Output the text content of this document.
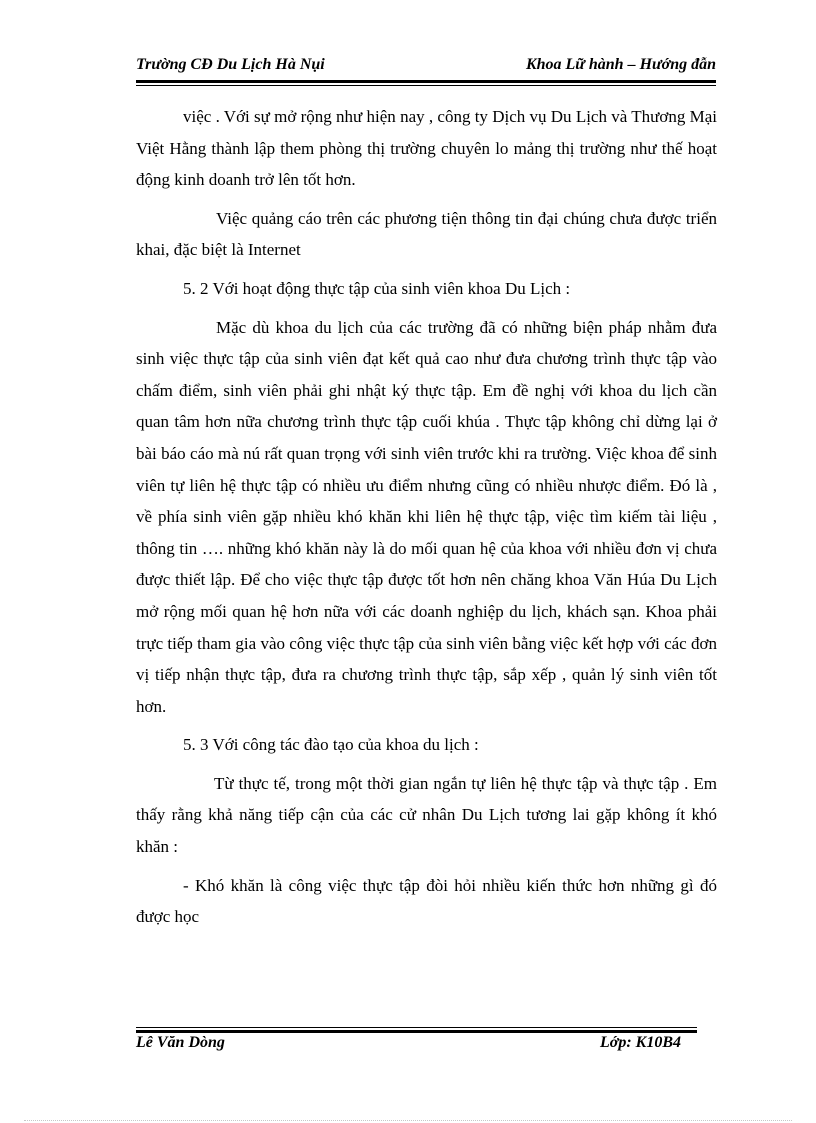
Trường CĐ Du Lịch Hà Nụi	Khoa Lữ hành – Hướng đẫn

việc . Với sự mở rộng như hiện nay , công ty Dịch vụ Du Lịch và Thương Mại Việt Hằng thành lập them phòng thị trường chuyên lo mảng thị trường như thế hoạt động kinh doanh trở lên tốt hơn.

Việc quảng cáo trên các phương tiện thông tin đại chúng chưa được triển khai, đặc biệt là Internet

5. 2 Với hoạt động thực tập của sinh viên khoa Du Lịch :

Mặc dù khoa du lịch của các trường đã có những biện pháp nhằm đưa sinh việc thực tập của sinh viên đạt kết quả cao như đưa chương trình thực tập vào chấm điểm, sinh viên phải ghi nhật ký thực tập. Em đề nghị với khoa du lịch cần quan tâm hơn nữa chương trình thực tập cuối khúa . Thực tập không chỉ dừng lại ở bài báo cáo mà nú rất quan trọng với sinh viên trước khi ra trường. Việc khoa để sinh viên tự liên hệ thực tập có nhiều ưu điểm nhưng cũng có nhiều nhược điểm. Đó là , về phía sinh viên gặp nhiều khó khăn khi liên hệ thực tập, việc tìm kiếm tài liệu , thông tin …. những khó khăn này là do mối quan hệ của khoa với nhiều đơn vị chưa được thiết lập. Để cho việc thực tập được tốt hơn nên chăng khoa Văn Húa Du Lịch mở rộng mối quan hệ hơn nữa với các doanh nghiệp du lịch, khách sạn. Khoa phải trực tiếp tham gia vào công việc thực tập của sinh viên bằng việc kết hợp với các đơn vị tiếp nhận thực tập, đưa ra chương trình thực tập, sắp xếp , quản lý sinh viên tốt hơn.

5. 3 Với công tác đào tạo của khoa du lịch :

Từ thực tế, trong một thời gian ngắn tự liên hệ thực tập và thực tập . Em thấy rằng khả năng tiếp cận của các cử nhân Du Lịch tương lai gặp không ít khó khăn :

- Khó khăn là công việc thực tập đòi hỏi nhiều kiến thức hơn những gì đó được học

Lê Văn Dòng	Lớp: K10B4
